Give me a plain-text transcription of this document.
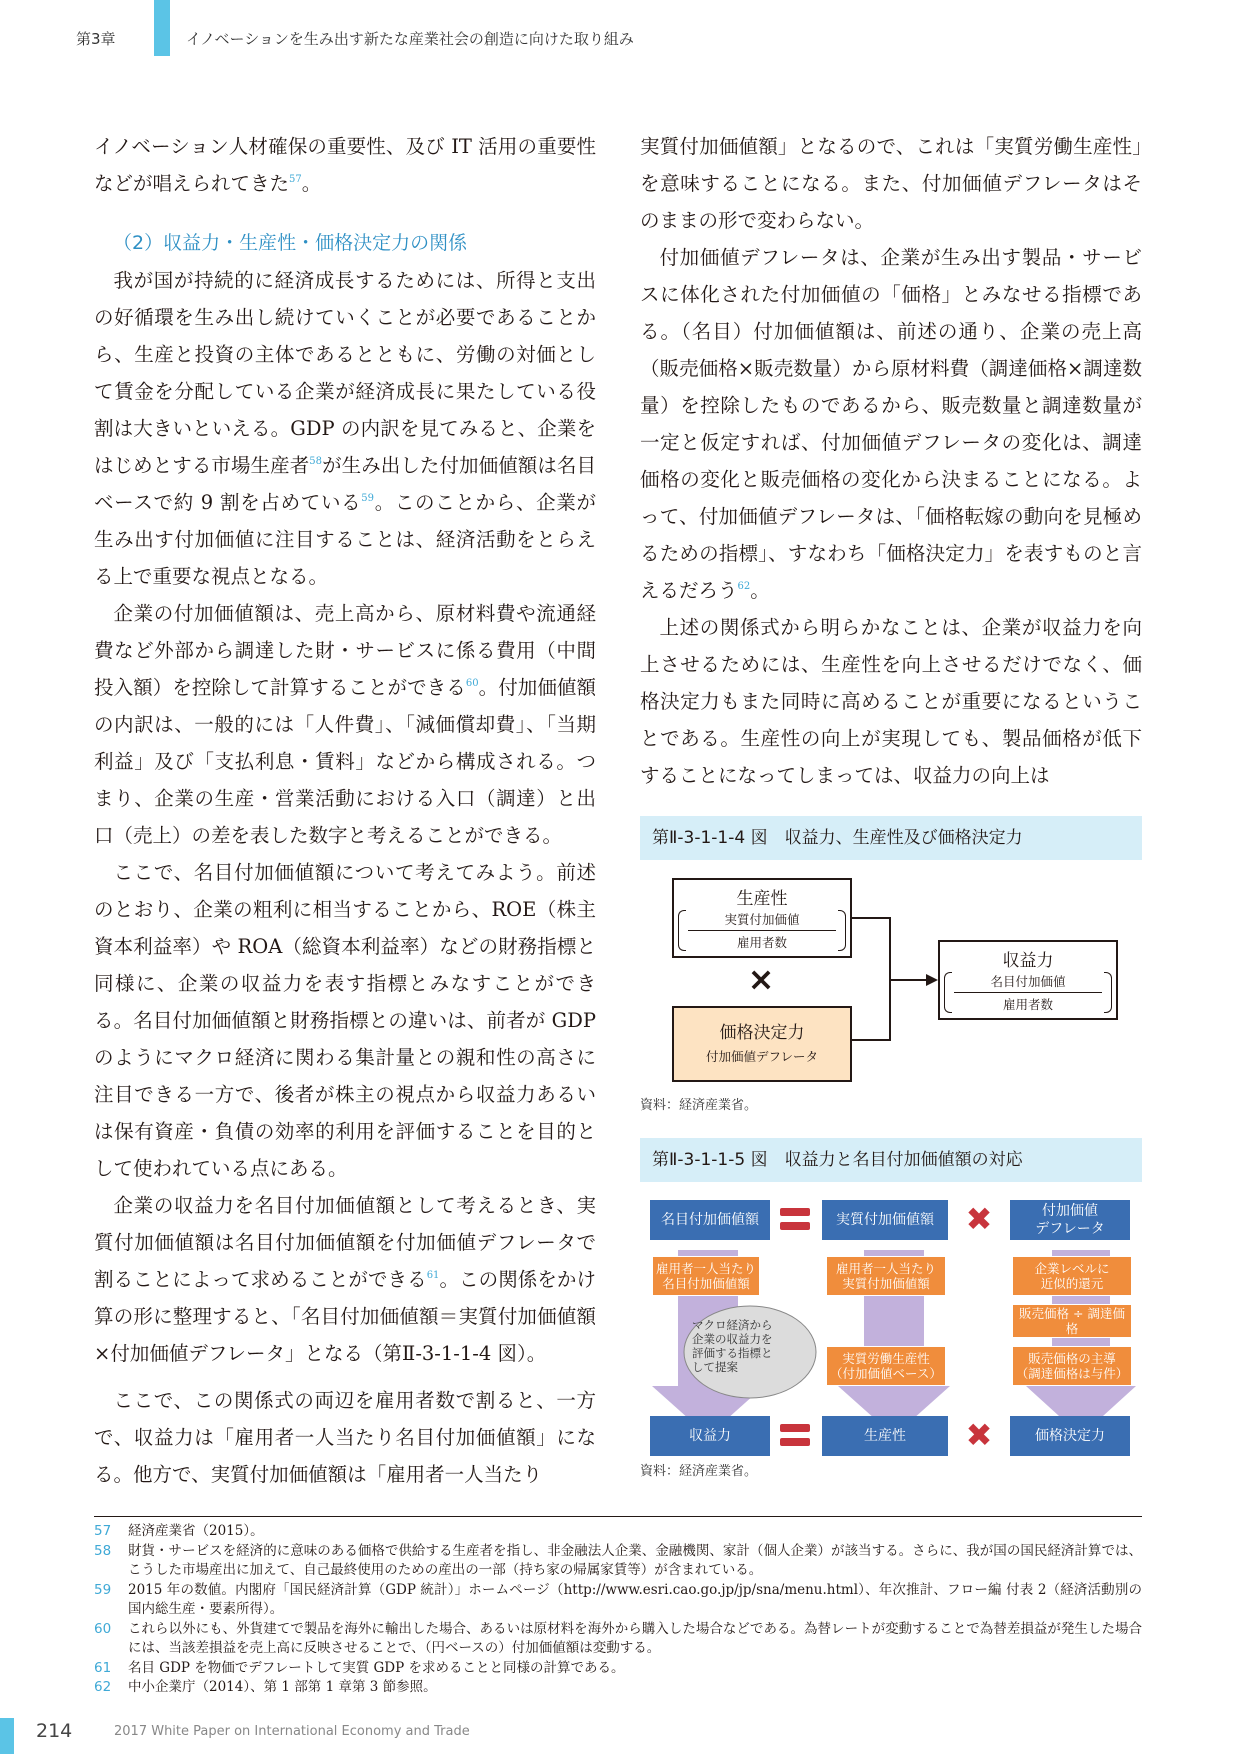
第3章	イノベーションを生み出す新たな産業社会の創造に向けた取り組み

イノベーション人材確保の重要性、及び IT 活用の重要性などが唱えられてきた$^{57}$。

（2）収益力・生産性・価格決定力の関係

我が国が持続的に経済成長するためには、所得と支出の好循環を生み出し続けていくことが必要であることから、生産と投資の主体であるとともに、労働の対価として賃金を分配している企業が経済成長に果たしている役割は大きいといえる。GDP の内訳を見てみると、企業をはじめとする市場生産者$^{58}$が生み出した付加価値額は名目ベースで約 9 割を占めている$^{59}$。このことから、企業が生み出す付加価値に注目することは、経済活動をとらえる上で重要な視点となる。

企業の付加価値額は、売上高から、原材料費や流通経費など外部から調達した財・サービスに係る費用（中間投入額）を控除して計算することができる$^{60}$。付加価値額の内訳は、一般的には「人件費」、「減価償却費」、「当期利益」及び「支払利息・賃料」などから構成される。つまり、企業の生産・営業活動における入口（調達）と出口（売上）の差を表した数字と考えることができる。

ここで、名目付加価値額について考えてみよう。前述のとおり、企業の粗利に相当することから、ROE（株主資本利益率）や ROA（総資本利益率）などの財務指標と同様に、企業の収益力を表す指標とみなすことができる。名目付加価値額と財務指標との違いは、前者が GDP のようにマクロ経済に関わる集計量との親和性の高さに注目できる一方で、後者が株主の視点から収益力あるいは保有資産・負債の効率的利用を評価することを目的として使われている点にある。

企業の収益力を名目付加価値額として考えるとき、実質付加価値額は名目付加価値額を付加価値デフレータで割ることによって求めることができる$^{61}$。この関係をかけ算の形に整理すると、「名目付加価値額＝実質付加価値額×付加価値デフレータ」となる（第Ⅱ-3-1-1-4 図）。

ここで、この関係式の両辺を雇用者数で割ると、一方で、収益力は「雇用者一人当たり名目付加価値額」になる。他方で、実質付加価値額は「雇用者一人当たり

実質付加価値額」となるので、これは「実質労働生産性」を意味することになる。また、付加価値デフレータはそのままの形で変わらない。

付加価値デフレータは、企業が生み出す製品・サービスに体化された付加価値の「価格」とみなせる指標である。（名目）付加価値額は、前述の通り、企業の売上高（販売価格×販売数量）から原材料費（調達価格×調達数量）を控除したものであるから、販売数量と調達数量が一定と仮定すれば、付加価値デフレータの変化は、調達価格の変化と販売価格の変化から決まることになる。よって、付加価値デフレータは、「価格転嫁の動向を見極めるための指標」、すなわち「価格決定力」を表すものと言えるだろう$^{62}$。

上述の関係式から明らかなことは、企業が収益力を向上させるためには、生産性を向上させるだけでなく、価格決定力もまた同時に高めることが重要になるということである。生産性の向上が実現しても、製品価格が低下することになってしまっては、収益力の向上は

第Ⅱ-3-1-1-4 図　収益力、生産性及び価格決定力
生産性
実質付加価値
雇用者数
×
価格決定力
付加価値デフレータ
収益力
名目付加価値
雇用者数
資料：経済産業省。
第Ⅱ-3-1-1-5 図　収益力と名目付加価値額の対応
名目付加価値額	実質付加価値額 ✖	付加価値
デフレータ
雇用者一人当たり
名目付加価値額
雇用者一人当たり
実質付加価値額
企業レベルに
近似的還元
販売価格 ÷ 調達価格
実質労働生産性
（付加価値ベース）
販売価格の主導
（調達価格は与件）
マクロ経済から
企業の収益力を
評価する指標と
して提案
収益力	生産性	✖	価格決定力
資料：経済産業省。
57	経済産業省（2015）。
58	財貨・サービスを経済的に意味のある価格で供給する生産者を指し、非金融法人企業、金融機関、家計（個人企業）が該当する。さらに、我が国の国民経済計算では、こうした市場産出に加えて、自己最終使用のための産出の一部（持ち家の帰属家賃等）が含まれている。
59	2015 年の数値。内閣府「国民経済計算（GDP 統計）」ホームページ（http://www.esri.cao.go.jp/jp/sna/menu.html）、年次推計、フロー編 付表 2（経済活動別の国内総生産・要素所得）。
60	これら以外にも、外貨建てで製品を海外に輸出した場合、あるいは原材料を海外から購入した場合などである。為替レートが変動することで為替差損益が発生した場合には、当該差損益を売上高に反映させることで、（円ベースの）付加価値額は変動する。
61	名目 GDP を物価でデフレートして実質 GDP を求めることと同様の計算である。
62	中小企業庁（2014）、第 1 部第 1 章第 3 節参照。
214	2017 White Paper on International Economy and Trade
